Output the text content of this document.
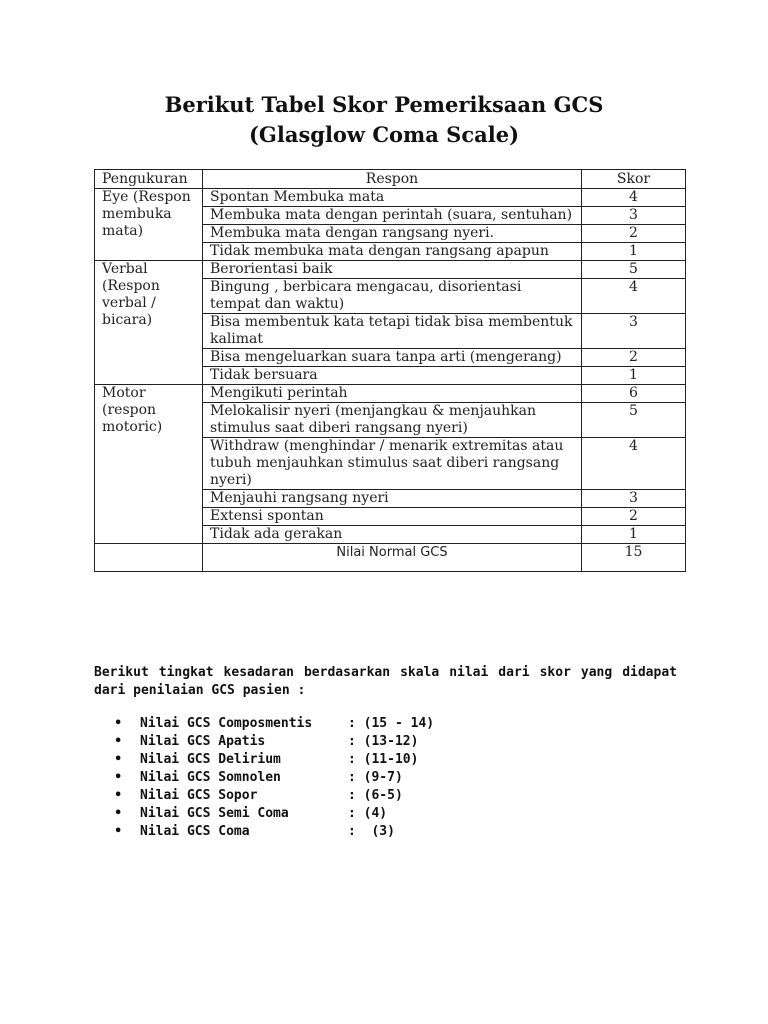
Berikut Tabel Skor Pemeriksaan GCS
(Glasglow Coma Scale)
Pengukuran	Respon	Skor
Eye (Respon membuka mata)	Spontan Membuka mata	4
	Membuka mata dengan perintah (suara, sentuhan)	3
	Membuka mata dengan rangsang nyeri.	2
	Tidak membuka mata dengan rangsang apapun	1
Verbal (Respon verbal / bicara)	Berorientasi baik	5
	Bingung , berbicara mengacau, disorientasi tempat dan waktu)	4
	Bisa membentuk kata tetapi tidak bisa membentuk kalimat	3
	Bisa mengeluarkan suara tanpa arti (mengerang)	2
	Tidak bersuara	1
Motor (respon motoric)	Mengikuti perintah	6
	Melokalisir nyeri (menjangkau & menjauhkan stimulus saat diberi rangsang nyeri)	5
	Withdraw (menghindar / menarik extremitas atau tubuh menjauhkan stimulus saat diberi rangsang nyeri)	4
	Menjauhi rangsang nyeri	3
	Extensi spontan	2
	Tidak ada gerakan	1
	Nilai Normal GCS	15

Berikut tingkat kesadaran berdasarkan skala nilai dari skor yang didapat dari penilaian GCS pasien :

• Nilai GCS Composmentis	: (15 - 14)
• Nilai GCS Apatis	: (13-12)
• Nilai GCS Delirium	: (11-10)
• Nilai GCS Somnolen	: (9-7)
• Nilai GCS Sopor	: (6-5)
• Nilai GCS Semi Coma	: (4)
• Nilai GCS Coma	:  (3)
